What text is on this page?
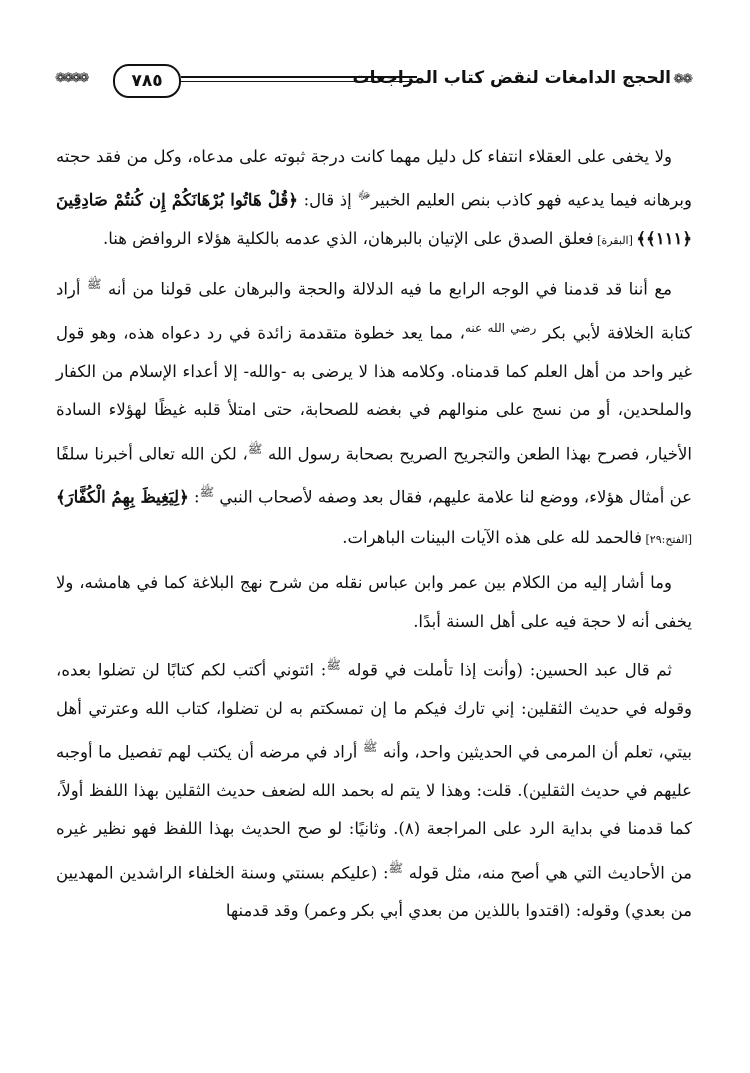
❁❁
الحجج الدامغات لنقض كتاب المراجعات
٧٨٥
❁❁❁❁

ولا يخفى على العقلاء انتفاء كل دليل مهما كانت درجة ثبوته على مدعاه، وكل من فقد حجته وبرهانه فيما يدعيه فهو كاذب بنص العليم الخبير$^ﷻ$ إذ قال: ﴿قُلْ هَاتُوا بُرْهَانَكُمْ إِن كُنتُمْ صَادِقِينَ ﴿١١١﴾﴾ [البقرة] فعلق الصدق على الإتيان بالبرهان، الذي عدمه بالكلية هؤلاء الروافض هنا.

مع أننا قد قدمنا في الوجه الرابع ما فيه الدلالة والحجة والبرهان على قولنا من أنه $^ﷺ$ أراد كتابة الخلافة لأبي بكر $^{رضي الله عنه}$، مما يعد خطوة متقدمة زائدة في رد دعواه هذه، وهو قول غير واحد من أهل العلم كما قدمناه. وكلامه هذا لا يرضى به -والله- إلا أعداء الإسلام من الكفار والملحدين، أو من نسج على منوالهم في بغضه للصحابة، حتى امتلأ قلبه غيظًا لهؤلاء السادة الأخيار، فصرح بهذا الطعن والتجريح الصريح بصحابة رسول الله $^ﷺ$، لكن الله تعالى أخبرنا سلفًا عن أمثال هؤلاء، ووضع لنا علامة عليهم، فقال بعد وصفه لأصحاب النبي $^ﷺ$: ﴿لِيَغِيظَ بِهِمُ الْكُفَّارَ﴾ [الفتح:٢٩] فالحمد لله على هذه الآيات البينات الباهرات.

وما أشار إليه من الكلام بين عمر وابن عباس نقله من شرح نهج البلاغة كما في هامشه، ولا يخفى أنه لا حجة فيه على أهل السنة أبدًا.

ثم قال عبد الحسين: (وأنت إذا تأملت في قوله $^ﷺ$: ائتوني أكتب لكم كتابًا لن تضلوا بعده، وقوله في حديث الثقلين: إني تارك فيكم ما إن تمسكتم به لن تضلوا، كتاب الله وعترتي أهل بيتي، تعلم أن المرمى في الحديثين واحد، وأنه $^ﷺ$ أراد في مرضه أن يكتب لهم تفصيل ما أوجبه عليهم في حديث الثقلين). قلت: وهذا لا يتم له بحمد الله لضعف حديث الثقلين بهذا اللفظ أولاً، كما قدمنا في بداية الرد على المراجعة (٨). وثانيًا: لو صح الحديث بهذا اللفظ فهو نظير غيره من الأحاديث التي هي أصح منه، مثل قوله $^ﷺ$: (عليكم بسنتي وسنة الخلفاء الراشدين المهديين من بعدي) وقوله: (اقتدوا باللذين من بعدي أبي بكر وعمر) وقد قدمنها
